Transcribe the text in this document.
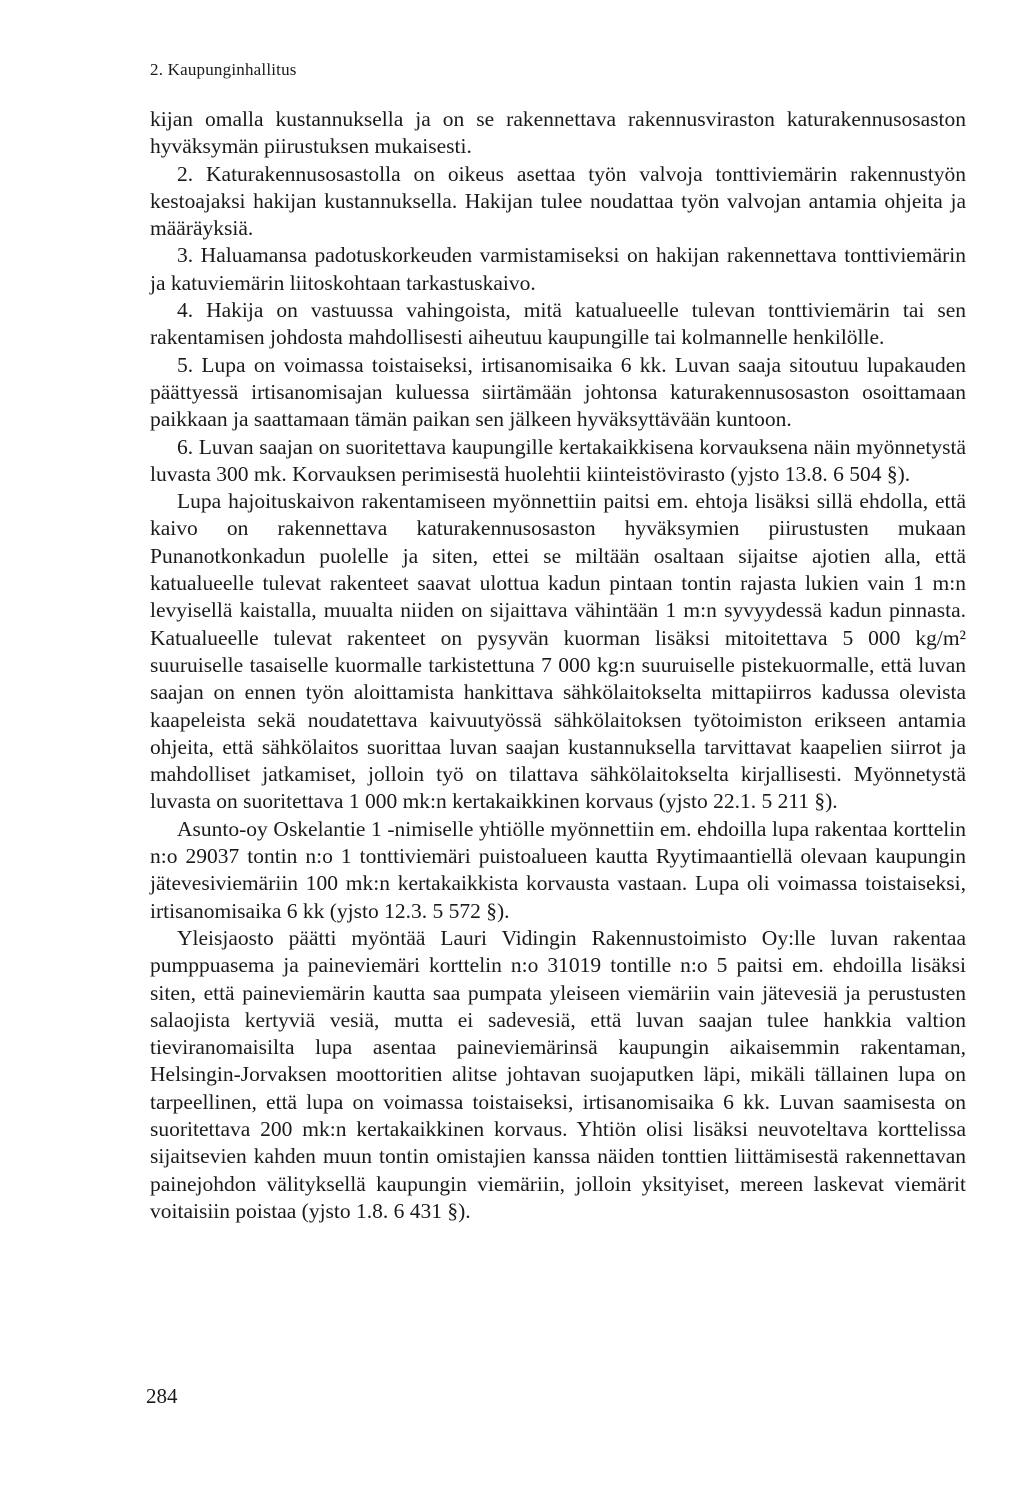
2. Kaupunginhallitus

kijan omalla kustannuksella ja on se rakennettava rakennusviraston katurakennusosaston hyväksymän piirustuksen mukaisesti.

2. Katurakennusosastolla on oikeus asettaa työn valvoja tonttiviemärin rakennustyön kestoajaksi hakijan kustannuksella. Hakijan tulee noudattaa työn valvojan antamia ohjeita ja määräyksiä.

3. Haluamansa padotuskorkeuden varmistamiseksi on hakijan rakennettava tonttiviemärin ja katuviemärin liitoskohtaan tarkastuskaivo.

4. Hakija on vastuussa vahingoista, mitä katualueelle tulevan tonttiviemärin tai sen rakentamisen johdosta mahdollisesti aiheutuu kaupungille tai kolmannelle henkilölle.

5. Lupa on voimassa toistaiseksi, irtisanomisaika 6 kk. Luvan saaja sitoutuu lupakauden päättyessä irtisanomisajan kuluessa siirtämään johtonsa katurakennusosaston osoittamaan paikkaan ja saattamaan tämän paikan sen jälkeen hyväksyttävään kuntoon.

6. Luvan saajan on suoritettava kaupungille kertakaikkisena korvauksena näin myönnetystä luvasta 300 mk. Korvauksen perimisestä huolehtii kiinteistövirasto (yjsto 13.8. 6 504 §).

Lupa hajoituskaivon rakentamiseen myönnettiin paitsi em. ehtoja lisäksi sillä ehdolla, että kaivo on rakennettava katurakennusosaston hyväksymien piirustusten mukaan Punanotkonkadun puolelle ja siten, ettei se miltään osaltaan sijaitse ajotien alla, että katualueelle tulevat rakenteet saavat ulottua kadun pintaan tontin rajasta lukien vain 1 m:n levyisellä kaistalla, muualta niiden on sijaittava vähintään 1 m:n syvyydessä kadun pinnasta. Katualueelle tulevat rakenteet on pysyvän kuorman lisäksi mitoitettava 5 000 kg/m² suuruiselle tasaiselle kuormalle tarkistettuna 7 000 kg:n suuruiselle pistekuormalle, että luvan saajan on ennen työn aloittamista hankittava sähkölaitokselta mittapiirros kadussa olevista kaapeleista sekä noudatettava kaivuutyössä sähkölaitoksen työtoimiston erikseen antamia ohjeita, että sähkölaitos suorittaa luvan saajan kustannuksella tarvittavat kaapelien siirrot ja mahdolliset jatkamiset, jolloin työ on tilattava sähkölaitokselta kirjallisesti. Myönnetystä luvasta on suoritettava 1 000 mk:n kertakaikkinen korvaus (yjsto 22.1. 5 211 §).

Asunto-oy Oskelantie 1 -nimiselle yhtiölle myönnettiin em. ehdoilla lupa rakentaa korttelin n:o 29037 tontin n:o 1 tonttiviemäri puistoalueen kautta Ryytimaantiellä olevaan kaupungin jätevesiviemäriin 100 mk:n kertakaikkista korvausta vastaan. Lupa oli voimassa toistaiseksi, irtisanomisaika 6 kk (yjsto 12.3. 5 572 §).

Yleisjaosto päätti myöntää Lauri Vidingin Rakennustoimisto Oy:lle luvan rakentaa pumppuasema ja paineviemäri korttelin n:o 31019 tontille n:o 5 paitsi em. ehdoilla lisäksi siten, että paineviemärin kautta saa pumpata yleiseen viemäriin vain jätevesiä ja perustusten salaojista kertyviä vesiä, mutta ei sadevesiä, että luvan saajan tulee hankkia valtion tieviranomaisilta lupa asentaa paineviemärinsä kaupungin aikaisemmin rakentaman, Helsingin-Jorvaksen moottoritien alitse johtavan suojaputken läpi, mikäli tällainen lupa on tarpeellinen, että lupa on voimassa toistaiseksi, irtisanomisaika 6 kk. Luvan saamisesta on suoritettava 200 mk:n kertakaikkinen korvaus. Yhtiön olisi lisäksi neuvoteltava korttelissa sijaitsevien kahden muun tontin omistajien kanssa näiden tonttien liittämisestä rakennettavan painejohdon välityksellä kaupungin viemäriin, jolloin yksityiset, mereen laskevat viemärit voitaisiin poistaa (yjsto 1.8. 6 431 §).

284
